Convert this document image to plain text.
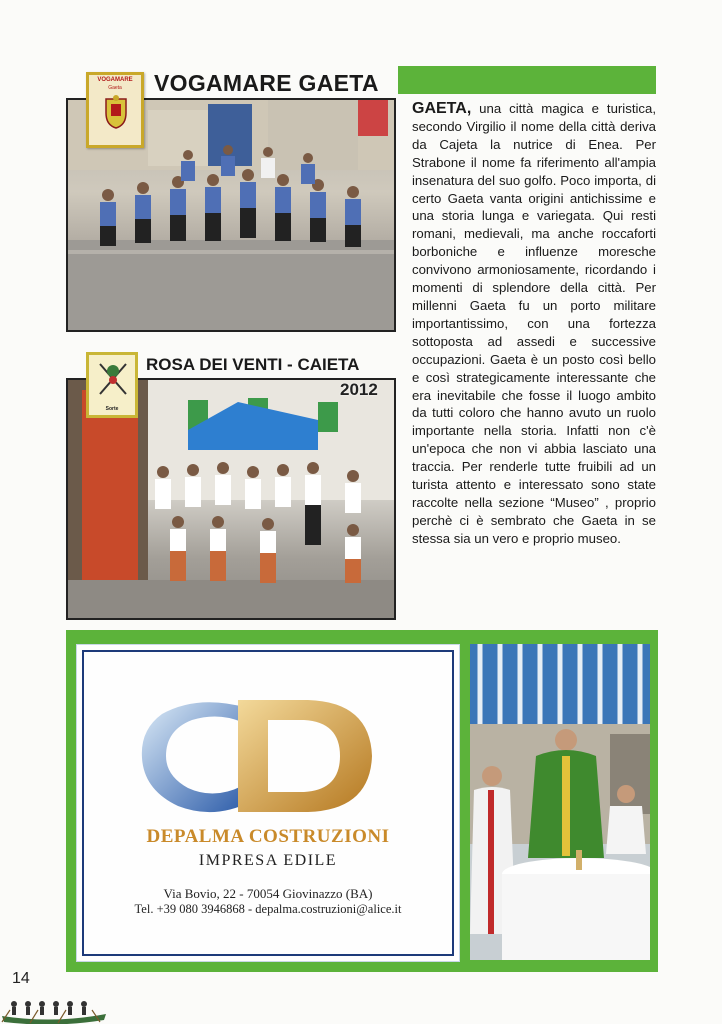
VOGAMARE
Gaeta	VOGAMARE GAETA
Sorte
ROSA DEI VENTI - CAIETA
2012
GAETA, una città magica e turistica, secondo Virgilio il nome della città deriva da Cajeta la nutrice di Enea. Per Strabone il nome fa riferimento all'ampia insenatura del suo golfo. Poco importa, di certo Gaeta vanta origini antichissime e una storia lunga e variegata. Qui resti romani, medievali, ma anche roccaforti borboniche e influenze moresche convivono armoniosamente, ricordando i momenti di splendore della città. Per millenni Gaeta fu un porto militare importantissimo, con una fortezza sottoposta ad assedi e successive occupazioni. Gaeta è un posto così bello e così strategicamente interessante che era inevitabile che fosse il luogo ambito da tutti coloro che hanno avuto un ruolo importante nella storia. Infatti non c'è un'epoca che non vi abbia lasciato una traccia. Per renderle tutte fruibili ad un turista attento e interessato sono state raccolte nella sezione “Museo” , proprio perchè ci è sembrato che Gaeta in se stessa sia un vero e proprio museo.
DEPALMA COSTRUZIONI
IMPRESA EDILE
Via Bovio, 22 - 70054 Giovinazzo (BA)
Tel. +39 080 3946868 - depalma.costruzioni@alice.it
14
